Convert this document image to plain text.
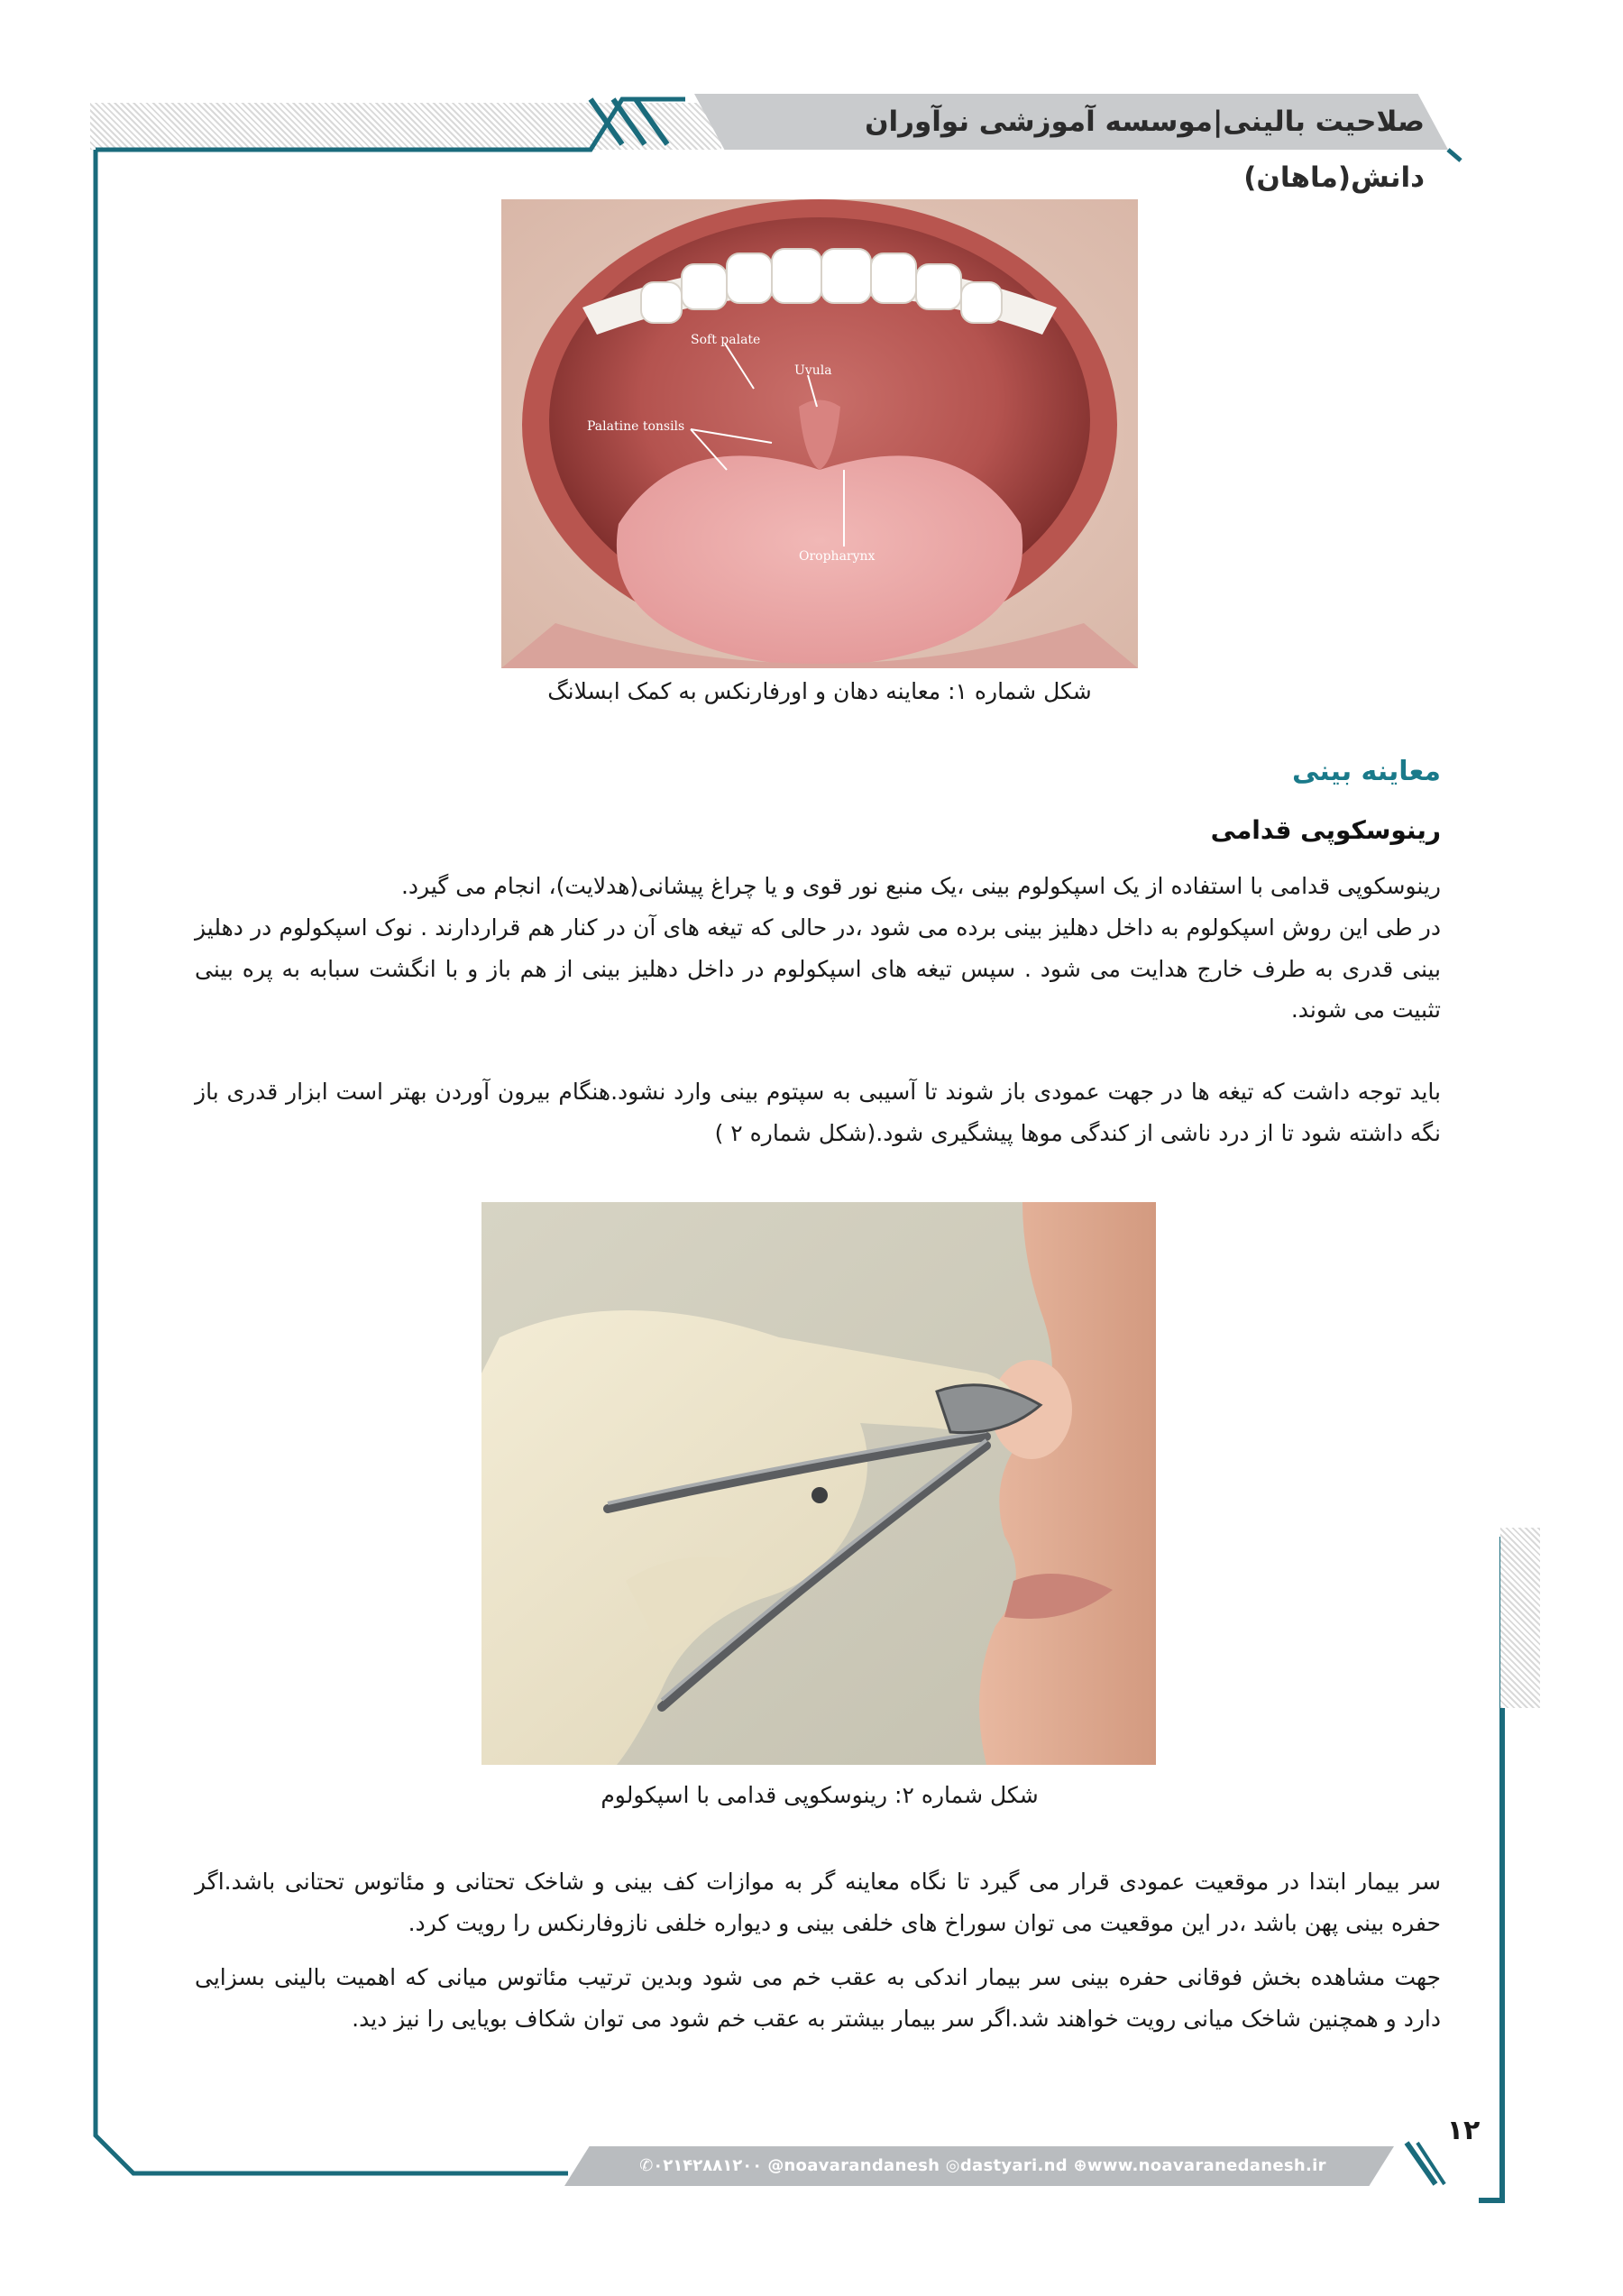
صلاحیت بالینی|موسسه آموزشی نوآوران دانش(ماهان)
Soft palate
Uvula
Palatine tonsils
Oropharynx
شکل شماره ۱: معاینه دهان و اورفارنکس به کمک ابسلانگ
معاینه بینی
رینوسکوپی قدامی
رینوسکوپی قدامی با استفاده از یک اسپکولوم بینی ،یک منبع نور قوی و یا چراغ پیشانی(هدلایت)، انجام می گیرد.
در طی این روش اسپکولوم به داخل دهلیز بینی برده می شود ،در حالی که تیغه های آن در کنار هم قراردارند . نوک اسپکولوم در دهلیز بینی قدری به طرف خارج هدایت می شود . سپس تیغه های اسپکولوم در داخل دهلیز بینی از هم باز و با انگشت سبابه به پره بینی تثبیت می شوند.
باید توجه داشت که تیغه ها در جهت عمودی باز شوند تا آسیبی به سپتوم بینی وارد نشود.هنگام بیرون آوردن بهتر است ابزار قدری باز نگه داشته شود تا از درد ناشی از کندگی موها پیشگیری شود.(شکل شماره ۲ )
شکل شماره ۲: رینوسکوپی قدامی با اسپکولوم
سر بیمار ابتدا در موقعیت عمودی قرار می گیرد تا نگاه معاینه گر به موازات کف بینی و شاخک تحتانی و مئاتوس تحتانی باشد.اگر حفره بینی پهن باشد ،در این موقعیت می توان سوراخ های خلفی بینی و دیواره خلفی نازوفارنکس را رویت کرد.
جهت مشاهده بخش فوقانی حفره بینی سر بیمار اندکی به عقب خم می شود وبدین ترتیب مئاتوس میانی که اهمیت بالینی بسزایی دارد و همچنین شاخک میانی رویت خواهند شد.اگر سر بیمار بیشتر به عقب خم شود می توان شکاف بویایی را نیز دید.
✆۰۲۱۴۲۸۸۱۲۰۰ @noavarandanesh ◎dastyari.nd ⊕www.noavaranedanesh.ir
۱۲
